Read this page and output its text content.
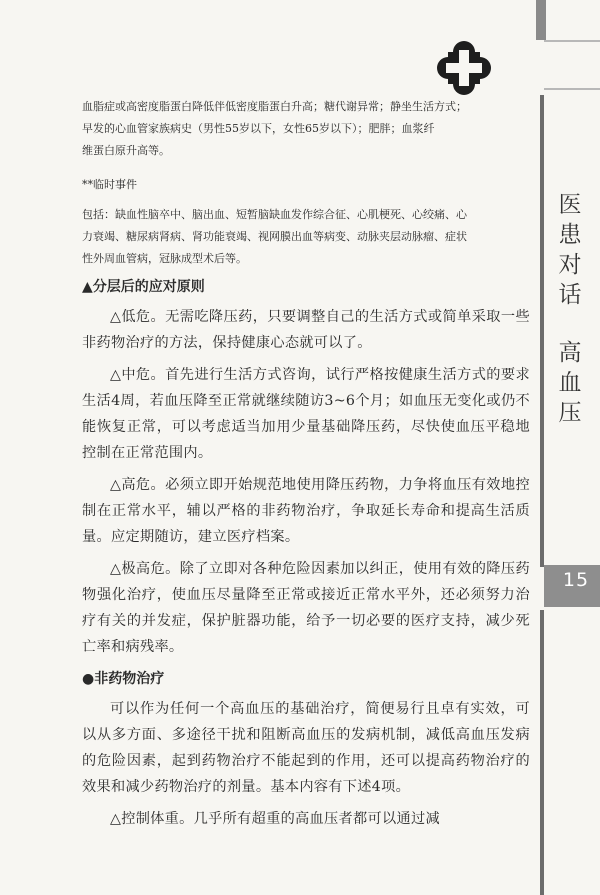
医
患
对
话
高
血
压
15

血脂症或高密度脂蛋白降低伴低密度脂蛋白升高；糖代谢异常；静坐生活方式；

早发的心血管家族病史（男性55岁以下，女性65岁以下）；肥胖；血浆纤

维蛋白原升高等。

**临时事件

包括：缺血性脑卒中、脑出血、短暂脑缺血发作综合征、心肌梗死、心绞痛、心

力衰竭、糖尿病肾病、肾功能衰竭、视网膜出血等病变、动脉夹层动脉瘤、症状

性外周血管病，冠脉成型术后等。

▲分层后的应对原则

△低危。无需吃降压药，只要调整自己的生活方式或简单采取一些非药物治疗的方法，保持健康心态就可以了。

△中危。首先进行生活方式咨询，试行严格按健康生活方式的要求生活4周，若血压降至正常就继续随访3~6个月；如血压无变化或仍不能恢复正常，可以考虑适当加用少量基础降压药，尽快使血压平稳地控制在正常范围内。

△高危。必须立即开始规范地使用降压药物，力争将血压有效地控制在正常水平，辅以严格的非药物治疗，争取延长寿命和提高生活质量。应定期随访，建立医疗档案。

△极高危。除了立即对各种危险因素加以纠正，使用有效的降压药物强化治疗，使血压尽量降至正常或接近正常水平外，还必须努力治疗有关的并发症，保护脏器功能，给予一切必要的医疗支持，减少死亡率和病残率。

●非药物治疗

可以作为任何一个高血压的基础治疗，简便易行且卓有实效，可以从多方面、多途径干扰和阻断高血压的发病机制，减低高血压发病的危险因素，起到药物治疗不能起到的作用，还可以提高药物治疗的效果和减少药物治疗的剂量。基本内容有下述4项。

△控制体重。几乎所有超重的高血压者都可以通过减
